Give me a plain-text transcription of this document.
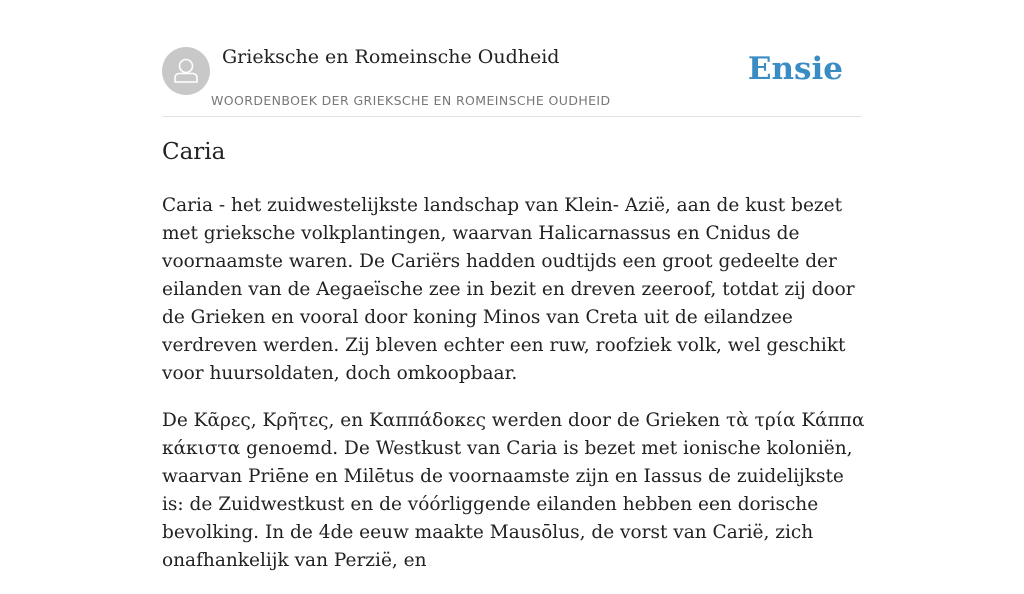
Grieksche en Romeinsche Oudheid
WOORDENBOEK DER GRIEKSCHE EN ROMEINSCHE OUDHEID
Ensie
Caria

Caria - het zuidwestelijkste landschap van Klein- Azië, aan de kust bezet met grieksche volkplantingen, waarvan Halicarnassus en Cnidus de voornaamste waren. De Cariërs hadden oudtijds een groot gedeelte der eilanden van de Aegaeïsche zee in bezit en dreven zeeroof, totdat zij door de Grieken en vooral door koning Minos van Creta uit de eilandzee verdreven werden. Zij bleven echter een ruw, roofziek volk, wel geschikt voor huursoldaten, doch omkoopbaar.

De Κᾶρες, Κρῆτες, en Καππάδοκες werden door de Grieken τὰ τρία Κάππα κάκιστα genoemd. De Westkust van Caria is bezet met ionische koloniën, waarvan Priēne en Milētus de voornaamste zijn en Iassus de zuidelijkste is: de Zuidwestkust en de vóórliggende eilanden hebben een dorische bevolking. In de 4de eeuw maakte Mausōlus, de vorst van Carië, zich onafhankelijk van Perzië, en
